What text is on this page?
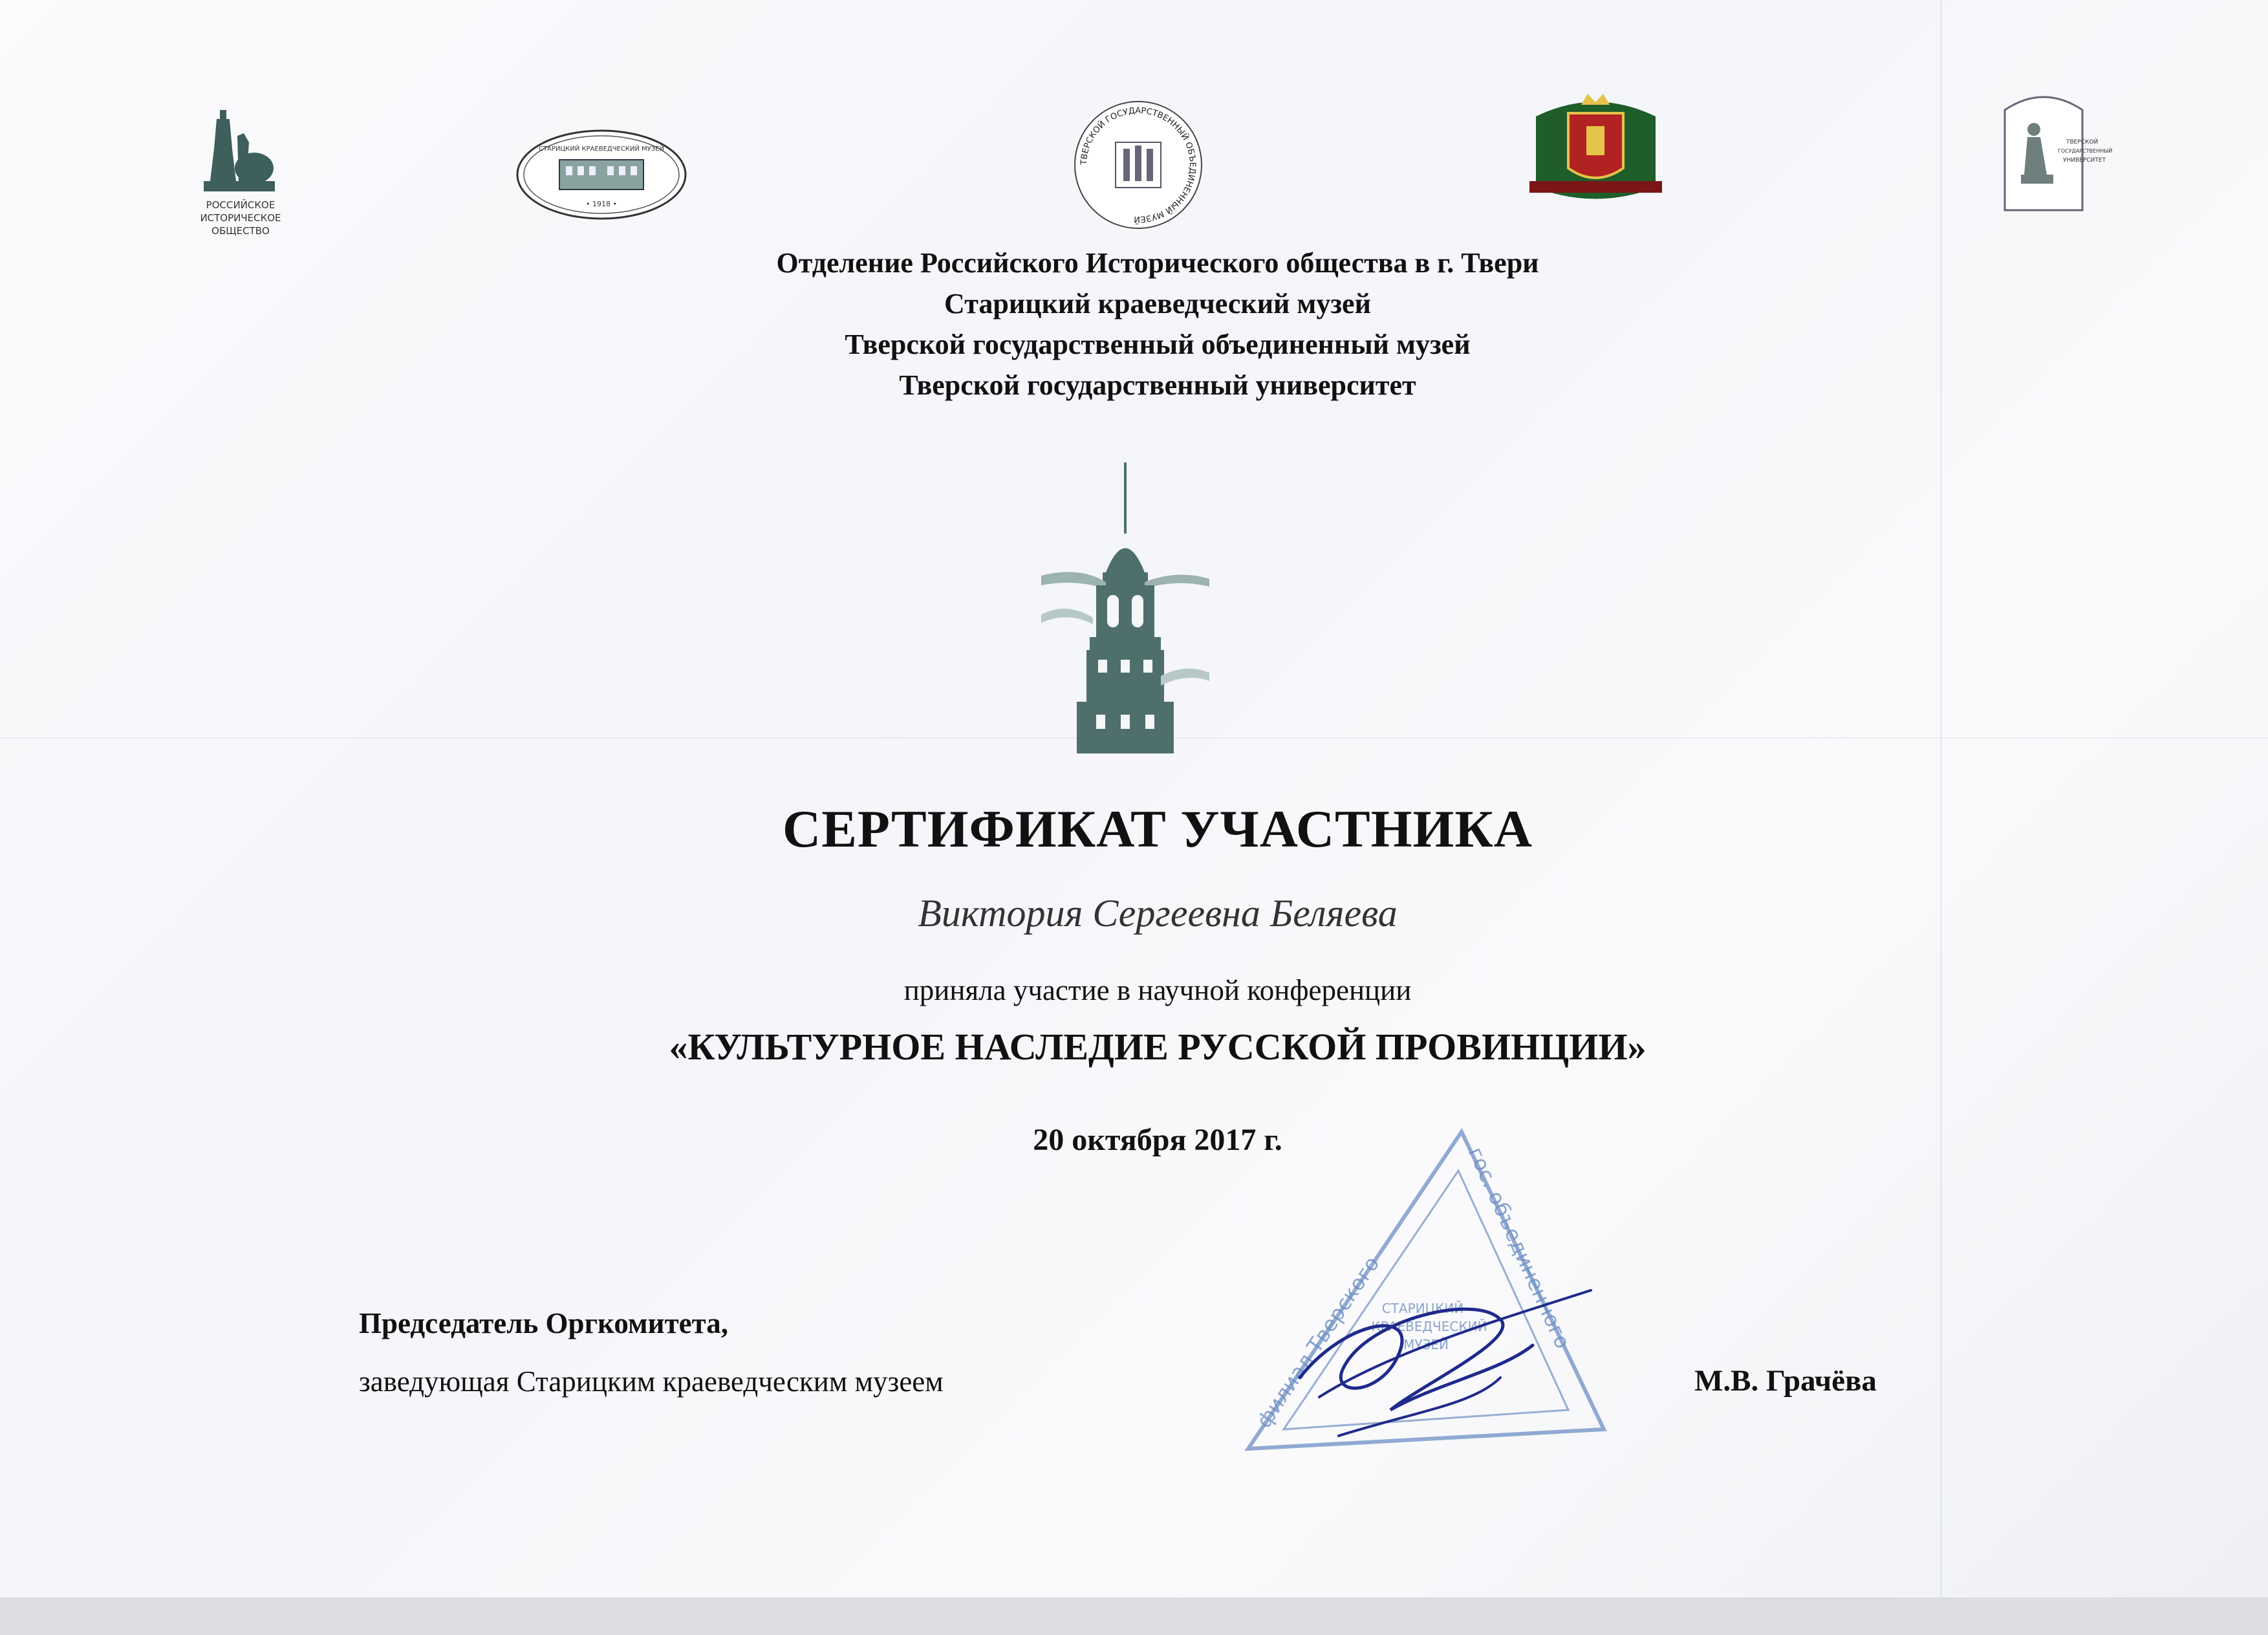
РОССИЙСКОЕ
ИСТОРИЧЕСКОЕ
ОБЩЕСТВО
СТАРИЦКИЙ КРАЕВЕДЧЕСКИЙ МУЗЕЙ
• 1918 •
ТВЕРСКОЙ ГОСУДАРСТВЕННЫЙ ОБЪЕДИНЕННЫЙ МУЗЕЙ
ТВЕРСКОЙ
ГОСУДАРСТВЕННЫЙ
УНИВЕРСИТЕТ
Отделение Российского Исторического общества в г. Твери
Старицкий краеведческий музей
Тверской государственный объединенный музей
Тверской государственный университет
СЕРТИФИКАТ УЧАСТНИКА
Виктория Сергеевна Беляева
приняла участие в научной конференции
«КУЛЬТУРНОЕ НАСЛЕДИЕ РУССКОЙ ПРОВИНЦИИ»
20 октября 2017 г.
Председатель Оргкомитета,
заведующая Старицким краеведческим музеем	М.В. Грачёва
филиал Тверского
гос. объединенного
СТАРИЦКИЙ
КРАЕВЕДЧЕСКИЙ
МУЗЕЙ
